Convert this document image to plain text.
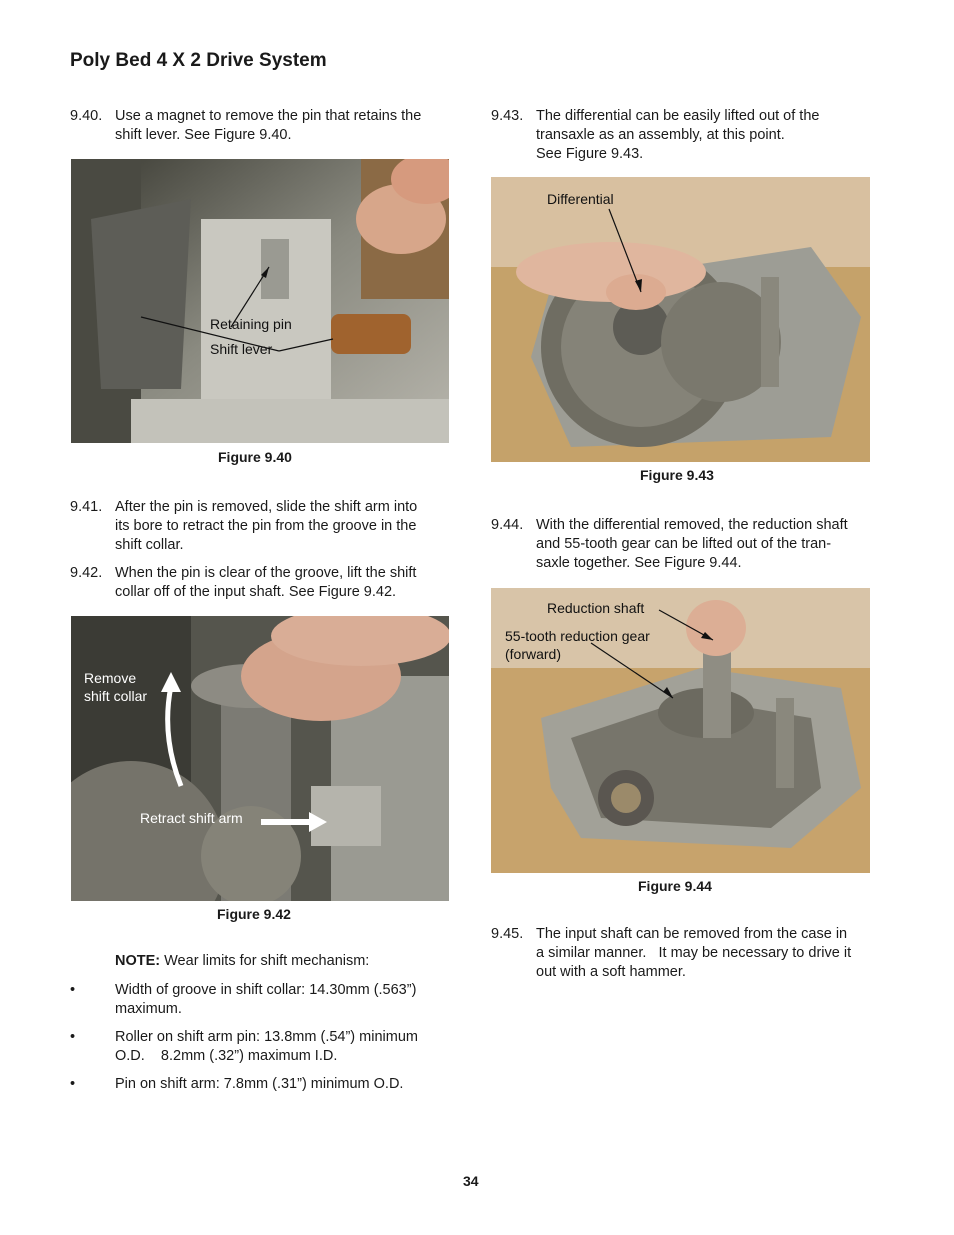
Poly Bed 4 X 2 Drive System
9.40. Use a magnet to remove the pin that retains the
shift lever. See Figure 9.40.
Retaining pin
Shift lever
Figure 9.40
9.41. After the pin is removed, slide the shift arm into
its bore to retract the pin from the groove in the
shift collar.
9.42. When the pin is clear of the groove, lift the shift
collar off of the input shaft. See Figure 9.42.
Remove
shift collar
Retract shift arm
Figure 9.42
NOTE: Wear limits for shift mechanism:
•	Width of groove in shift collar: 14.30mm (.563”)
maximum.
•	Roller on shift arm pin: 13.8mm (.54”) minimum
O.D.    8.2mm (.32”) maximum I.D.
•	Pin on shift arm: 7.8mm (.31”) minimum O.D.
9.43. The differential can be easily lifted out of the
transaxle as an assembly, at this point.
See Figure 9.43.
Differential
Figure 9.43
9.44. With the differential removed, the reduction shaft
and 55-tooth gear can be lifted out of the tran-
saxle together. See Figure 9.44.
Reduction shaft
55-tooth reduction gear
(forward)
Figure 9.44
9.45. The input shaft can be removed from the case in
a similar manner.   It may be necessary to drive it
out with a soft hammer.
34
